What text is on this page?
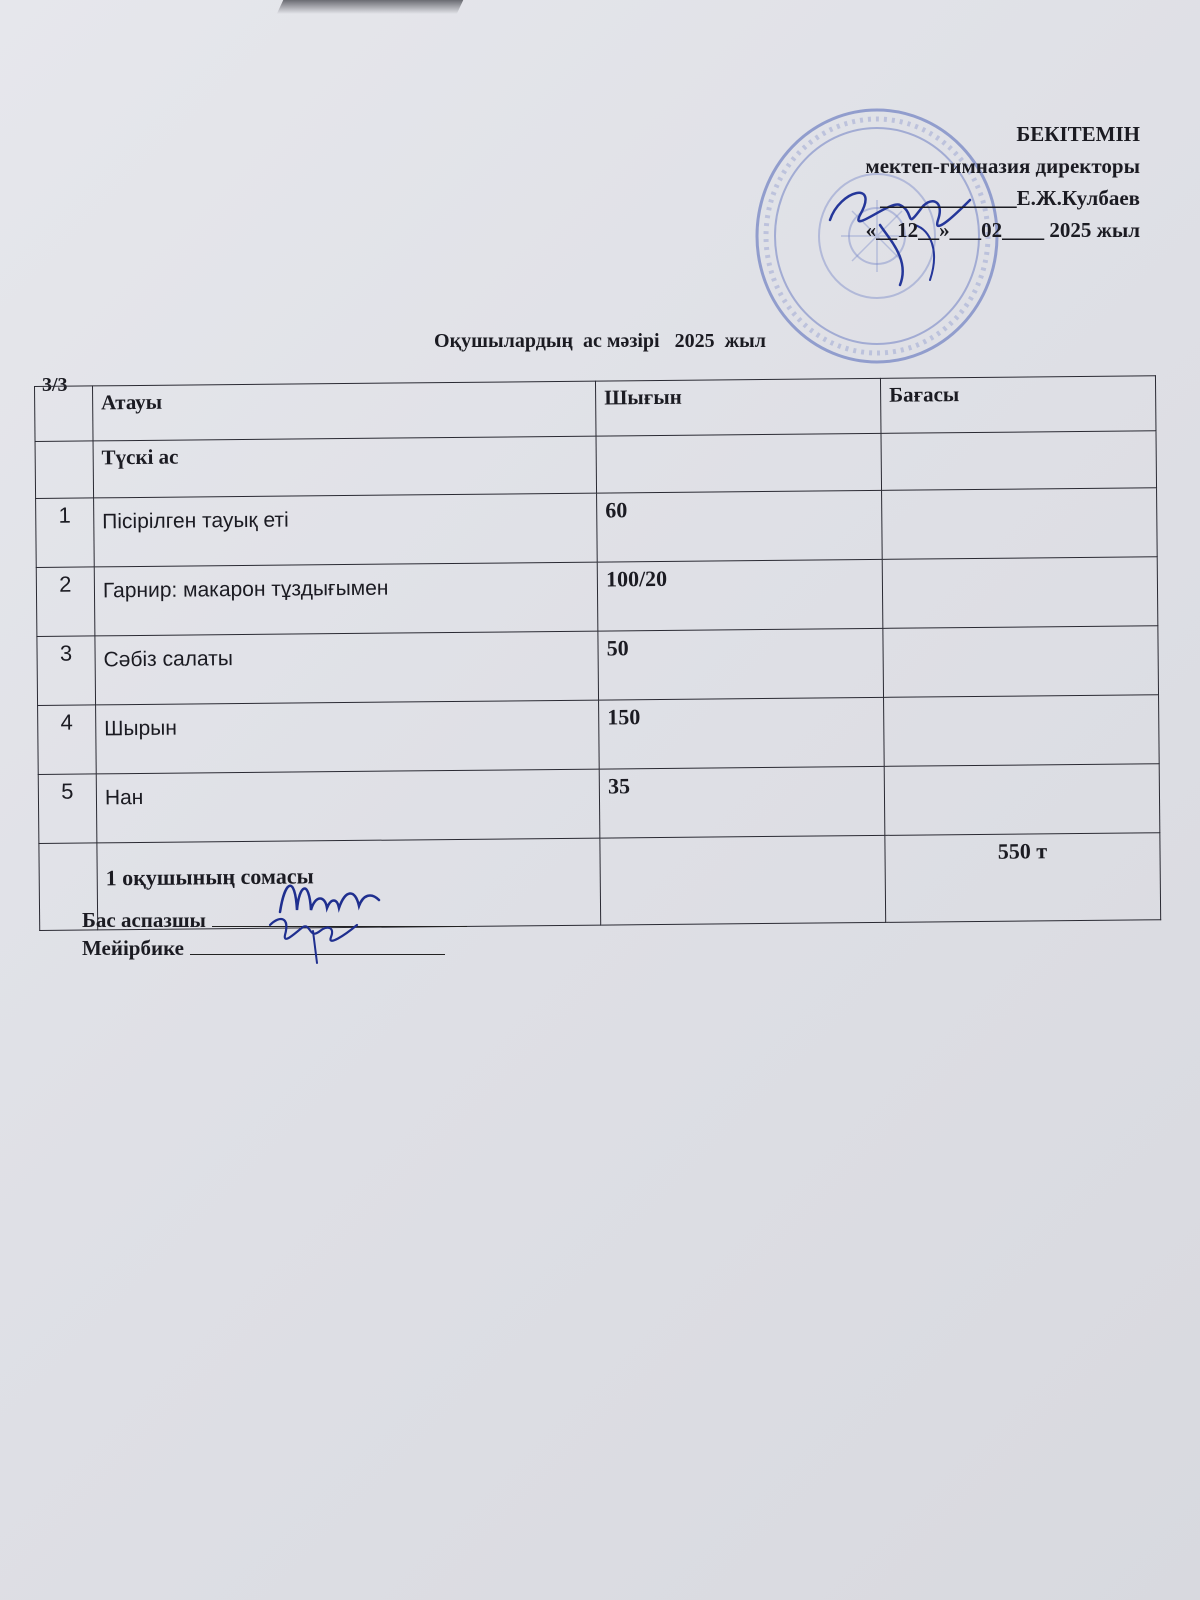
БЕКІТЕМІН
мектеп-гимназия директоры
_____________Е.Ж.Кулбаев
«__12__»___02____ 2025 жыл
Оқушылардың  ас мәзірі   2025  жыл
3/3
	Атауы	Шығын	Бағасы
	Түскі ас		
1	Пісірілген тауық еті	60	
2	Гарнир: макарон тұздығымен	100/20	
3	Сәбіз салаты	50	
4	Шырын	150	
5	Нан	35	
	1 оқушының сомасы		550 т
Бас аспазшы
Мейірбике
